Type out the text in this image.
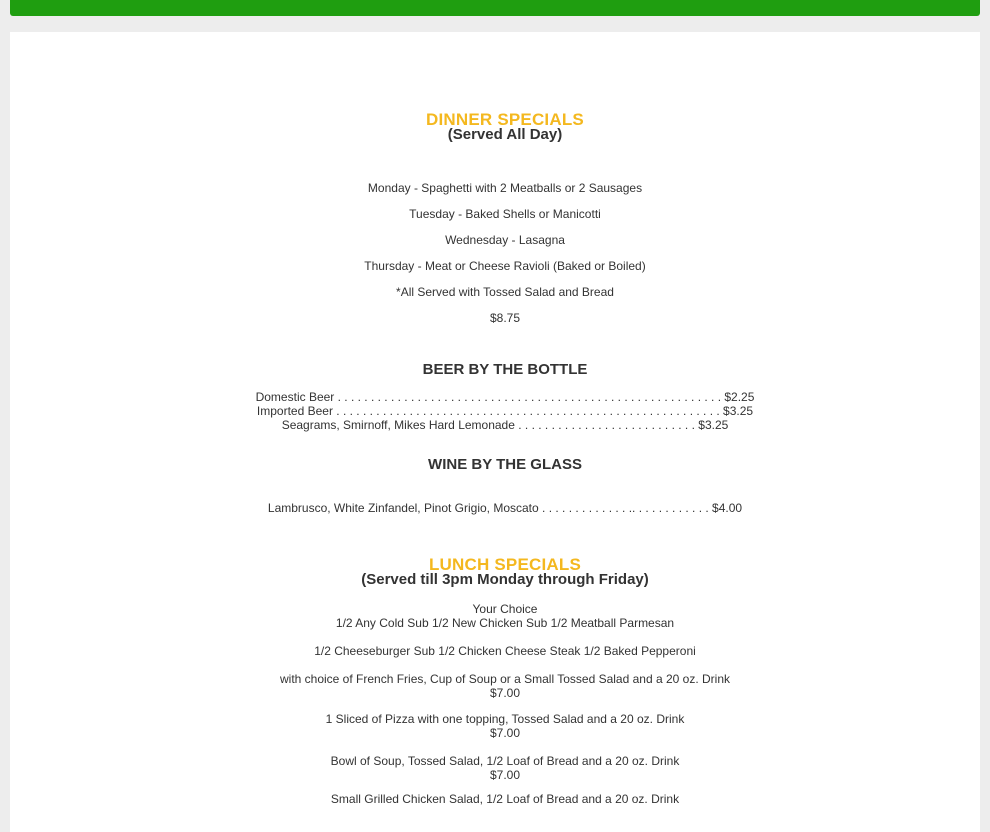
DINNER SPECIALS
(Served All Day)
Monday - Spaghetti with 2 Meatballs or 2 Sausages
Tuesday - Baked Shells or Manicotti
Wednesday - Lasagna
Thursday - Meat or Cheese Ravioli (Baked or Boiled)
*All Served with Tossed Salad and Bread
$8.75
BEER BY THE BOTTLE
Domestic Beer . . . . . . . . . . . . . . . . . . . . . . . . . . . . . . . . . . . . . . . . . . . . . . . . . . . . . . . . . . $2.25
Imported Beer . . . . . . . . . . . . . . . . . . . . . . . . . . . . . . . . . . . . . . . . . . . . . . . . . . . . . . . . . . $3.25
Seagrams, Smirnoff, Mikes Hard Lemonade . . . . . . . . . . . . . . . . . . . . . . . . . . . $3.25
WINE BY THE GLASS
Lambrusco, White Zinfandel, Pinot Grigio, Moscato . . . . . . . . . . . . . .. . . . . . . . . . . . $4.00
LUNCH SPECIALS
(Served till 3pm Monday through Friday)
Your Choice
1/2 Any Cold Sub 1/2 New Chicken Sub 1/2 Meatball Parmesan
1/2 Cheeseburger Sub 1/2 Chicken Cheese Steak 1/2 Baked Pepperoni
with choice of French Fries, Cup of Soup or a Small Tossed Salad and a 20 oz. Drink
$7.00
1 Sliced of Pizza with one topping, Tossed Salad and a 20 oz. Drink
$7.00
Bowl of Soup, Tossed Salad, 1/2 Loaf of Bread and a 20 oz. Drink
$7.00
Small Grilled Chicken Salad, 1/2 Loaf of Bread and a 20 oz. Drink
